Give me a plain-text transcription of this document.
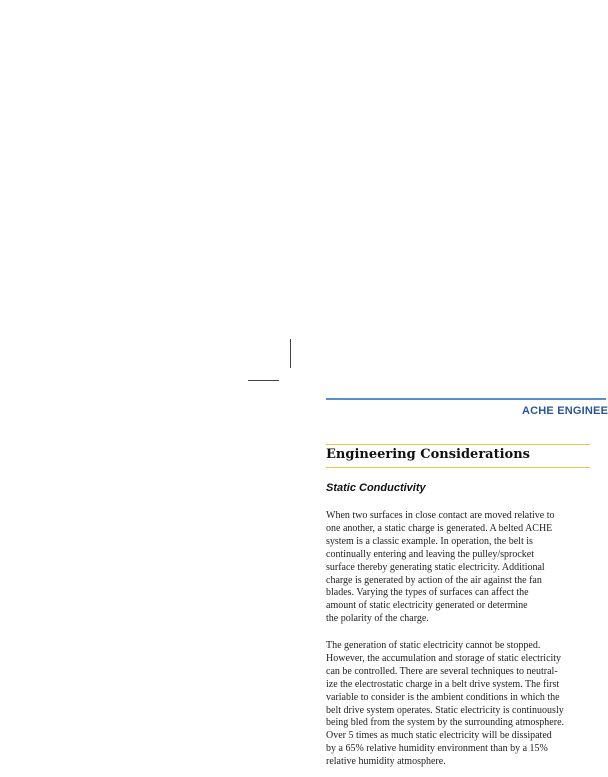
ACHE ENGINEE
Engineering Considerations
Static Conductivity
When two surfaces in close contact are moved relative to
one another, a static charge is generated. A belted ACHE
system is a classic example. In operation, the belt is
continually entering and leaving the pulley/sprocket
surface thereby generating static electricity. Additional
charge is generated by action of the air against the fan
blades. Varying the types of surfaces can affect the
amount of static electricity generated or determine
the polarity of the charge.
The generation of static electricity cannot be stopped.
However, the accumulation and storage of static electricity
can be controlled. There are several techniques to neutral-
ize the electrostatic charge in a belt drive system. The first
variable to consider is the ambient conditions in which the
belt drive system operates. Static electricity is continuously
being bled from the system by the surrounding atmosphere.
Over 5 times as much static electricity will be dissipated
by a 65% relative humidity environment than by a 15%
relative humidity atmosphere.
